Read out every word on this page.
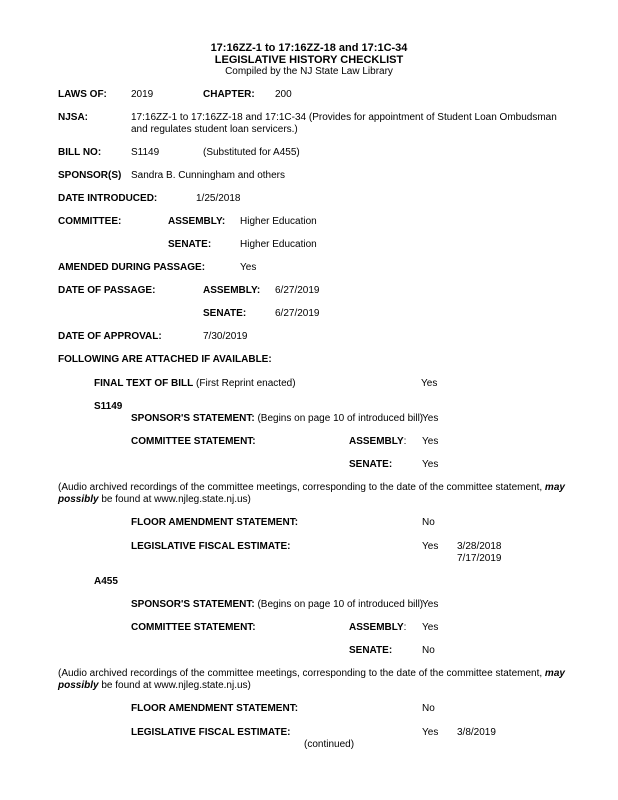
17:16ZZ-1 to 17:16ZZ-18 and 17:1C-34
LEGISLATIVE HISTORY CHECKLIST
Compiled by the NJ State Law Library
LAWS OF: 2019	CHAPTER: 200
NJSA:	17:16ZZ-1 to 17:16ZZ-18 and 17:1C-34 (Provides for appointment of Student Loan Ombudsman and regulates student loan servicers.)
BILL NO:	S1149	(Substituted for A455)
SPONSOR(S) Sandra B. Cunningham and others
DATE INTRODUCED:	1/25/2018
COMMITTEE:	ASSEMBLY: Higher Education
SENATE:	Higher Education
AMENDED DURING PASSAGE:	Yes
DATE OF PASSAGE:	ASSEMBLY: 6/27/2019
SENATE:	6/27/2019
DATE OF APPROVAL:	7/30/2019
FOLLOWING ARE ATTACHED IF AVAILABLE:
FINAL TEXT OF BILL (First Reprint enacted)	Yes
S1149
SPONSOR'S STATEMENT: (Begins on page 10 of introduced bill)
Yes
COMMITTEE STATEMENT:	ASSEMBLY: Yes
SENATE:	Yes
(Audio archived recordings of the committee meetings, corresponding to the date of the committee statement, may possibly be found at www.njleg.state.nj.us)
FLOOR AMENDMENT STATEMENT:	No
LEGISLATIVE FISCAL ESTIMATE:	Yes 3/28/2018
7/17/2019
A455
SPONSOR'S STATEMENT: (Begins on page 10 of introduced bill)
Yes
COMMITTEE STATEMENT:	ASSEMBLY: Yes
SENATE:	No
(Audio archived recordings of the committee meetings, corresponding to the date of the committee statement, may possibly be found at www.njleg.state.nj.us)
FLOOR AMENDMENT STATEMENT:	No
LEGISLATIVE FISCAL ESTIMATE:	Yes 3/8/2019
(continued)
